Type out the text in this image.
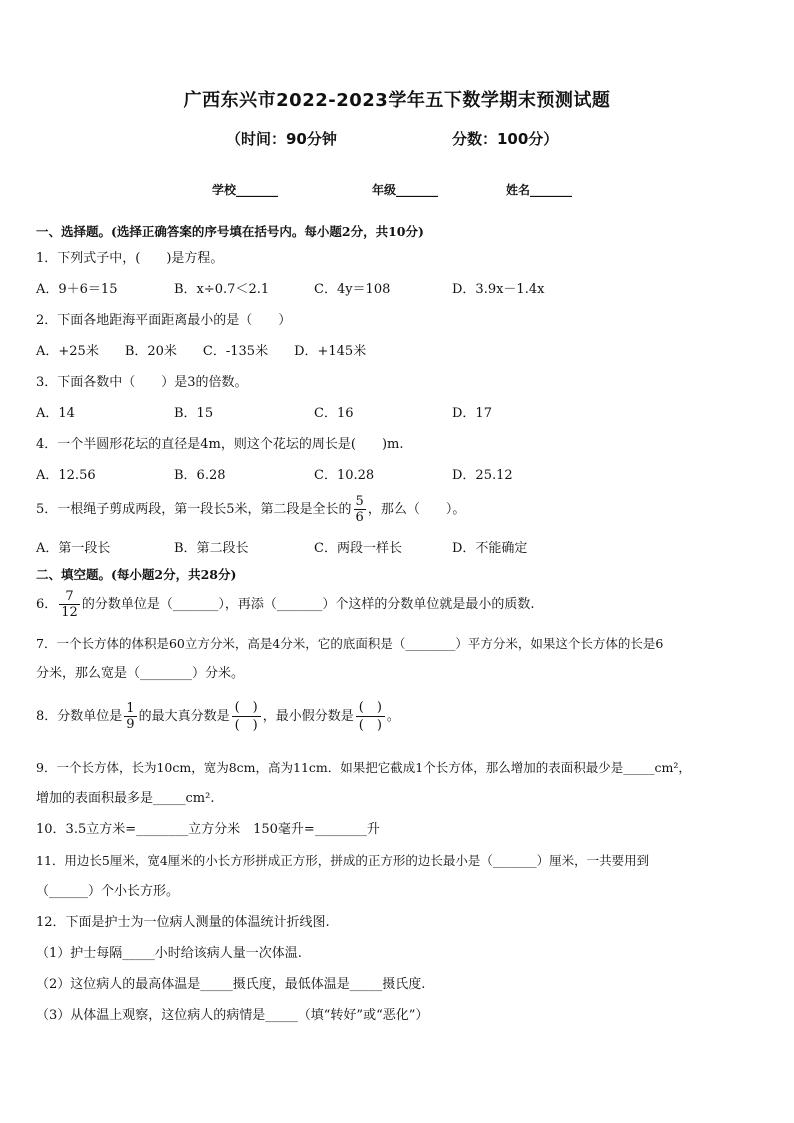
广西东兴市2022-2023学年五下数学期末预测试题
（时间：90分钟	分数：100分）
学校_______	年级_______	姓名_______
一、选择题。(选择正确答案的序号填在括号内。每小题2分，共10分)
1．下列式子中，(　　)是方程。
A．9＋6＝15	B．x÷0.7＜2.1	C．4y＝108	D．3.9x－1.4x
2．下面各地距海平面距离最小的是（　　）
A．+25米　　B．20米　　C．-135米　　D．+145米
3．下面各数中（　　）是3的倍数。
A．14	B．15	C．16	D．17
4．一个半圆形花坛的直径是4m，则这个花坛的周长是(　　)m.
A．12.56	B．6.28	C．10.28	D．25.12
5．一根绳子剪成两段，第一段长5米，第二段是全长的 $\frac{5}{6}$ ，那么（　　）。
A．第一段长	B．第二段长	C．两段一样长	D．不能确定
二、填空题。(每小题2分，共28分)
6． $\frac{7}{12}$ 的分数单位是（_______），再添（_______）个这样的分数单位就是最小的质数.
7．一个长方体的体积是60立方分米，高是4分米，它的底面积是（________）平方分米，如果这个长方体的长是6
分米，那么宽是（________）分米。
8．分数单位是 $\frac{1}{9}$ 的最大真分数是
(　)
(　)
，最小假分数是
(　)
(　)
。
9．一个长方体，长为10cm，宽为8cm，高为11cm．如果把它截成1个长方体，那么增加的表面积最少是_____cm²，
增加的表面积最多是_____cm².
10．3.5立方米=________立方分米　150毫升=________升
11．用边长5厘米，宽4厘米的小长方形拼成正方形，拼成的正方形的边长最小是（_______）厘米，一共要用到
（______）个小长方形。
12．下面是护士为一位病人测量的体温统计折线图.
（1）护士每隔_____小时给该病人量一次体温.
（2）这位病人的最高体温是_____摄氏度，最低体温是_____摄氏度.
（3）从体温上观察，这位病人的病情是_____（填“转好”或“恶化”）
